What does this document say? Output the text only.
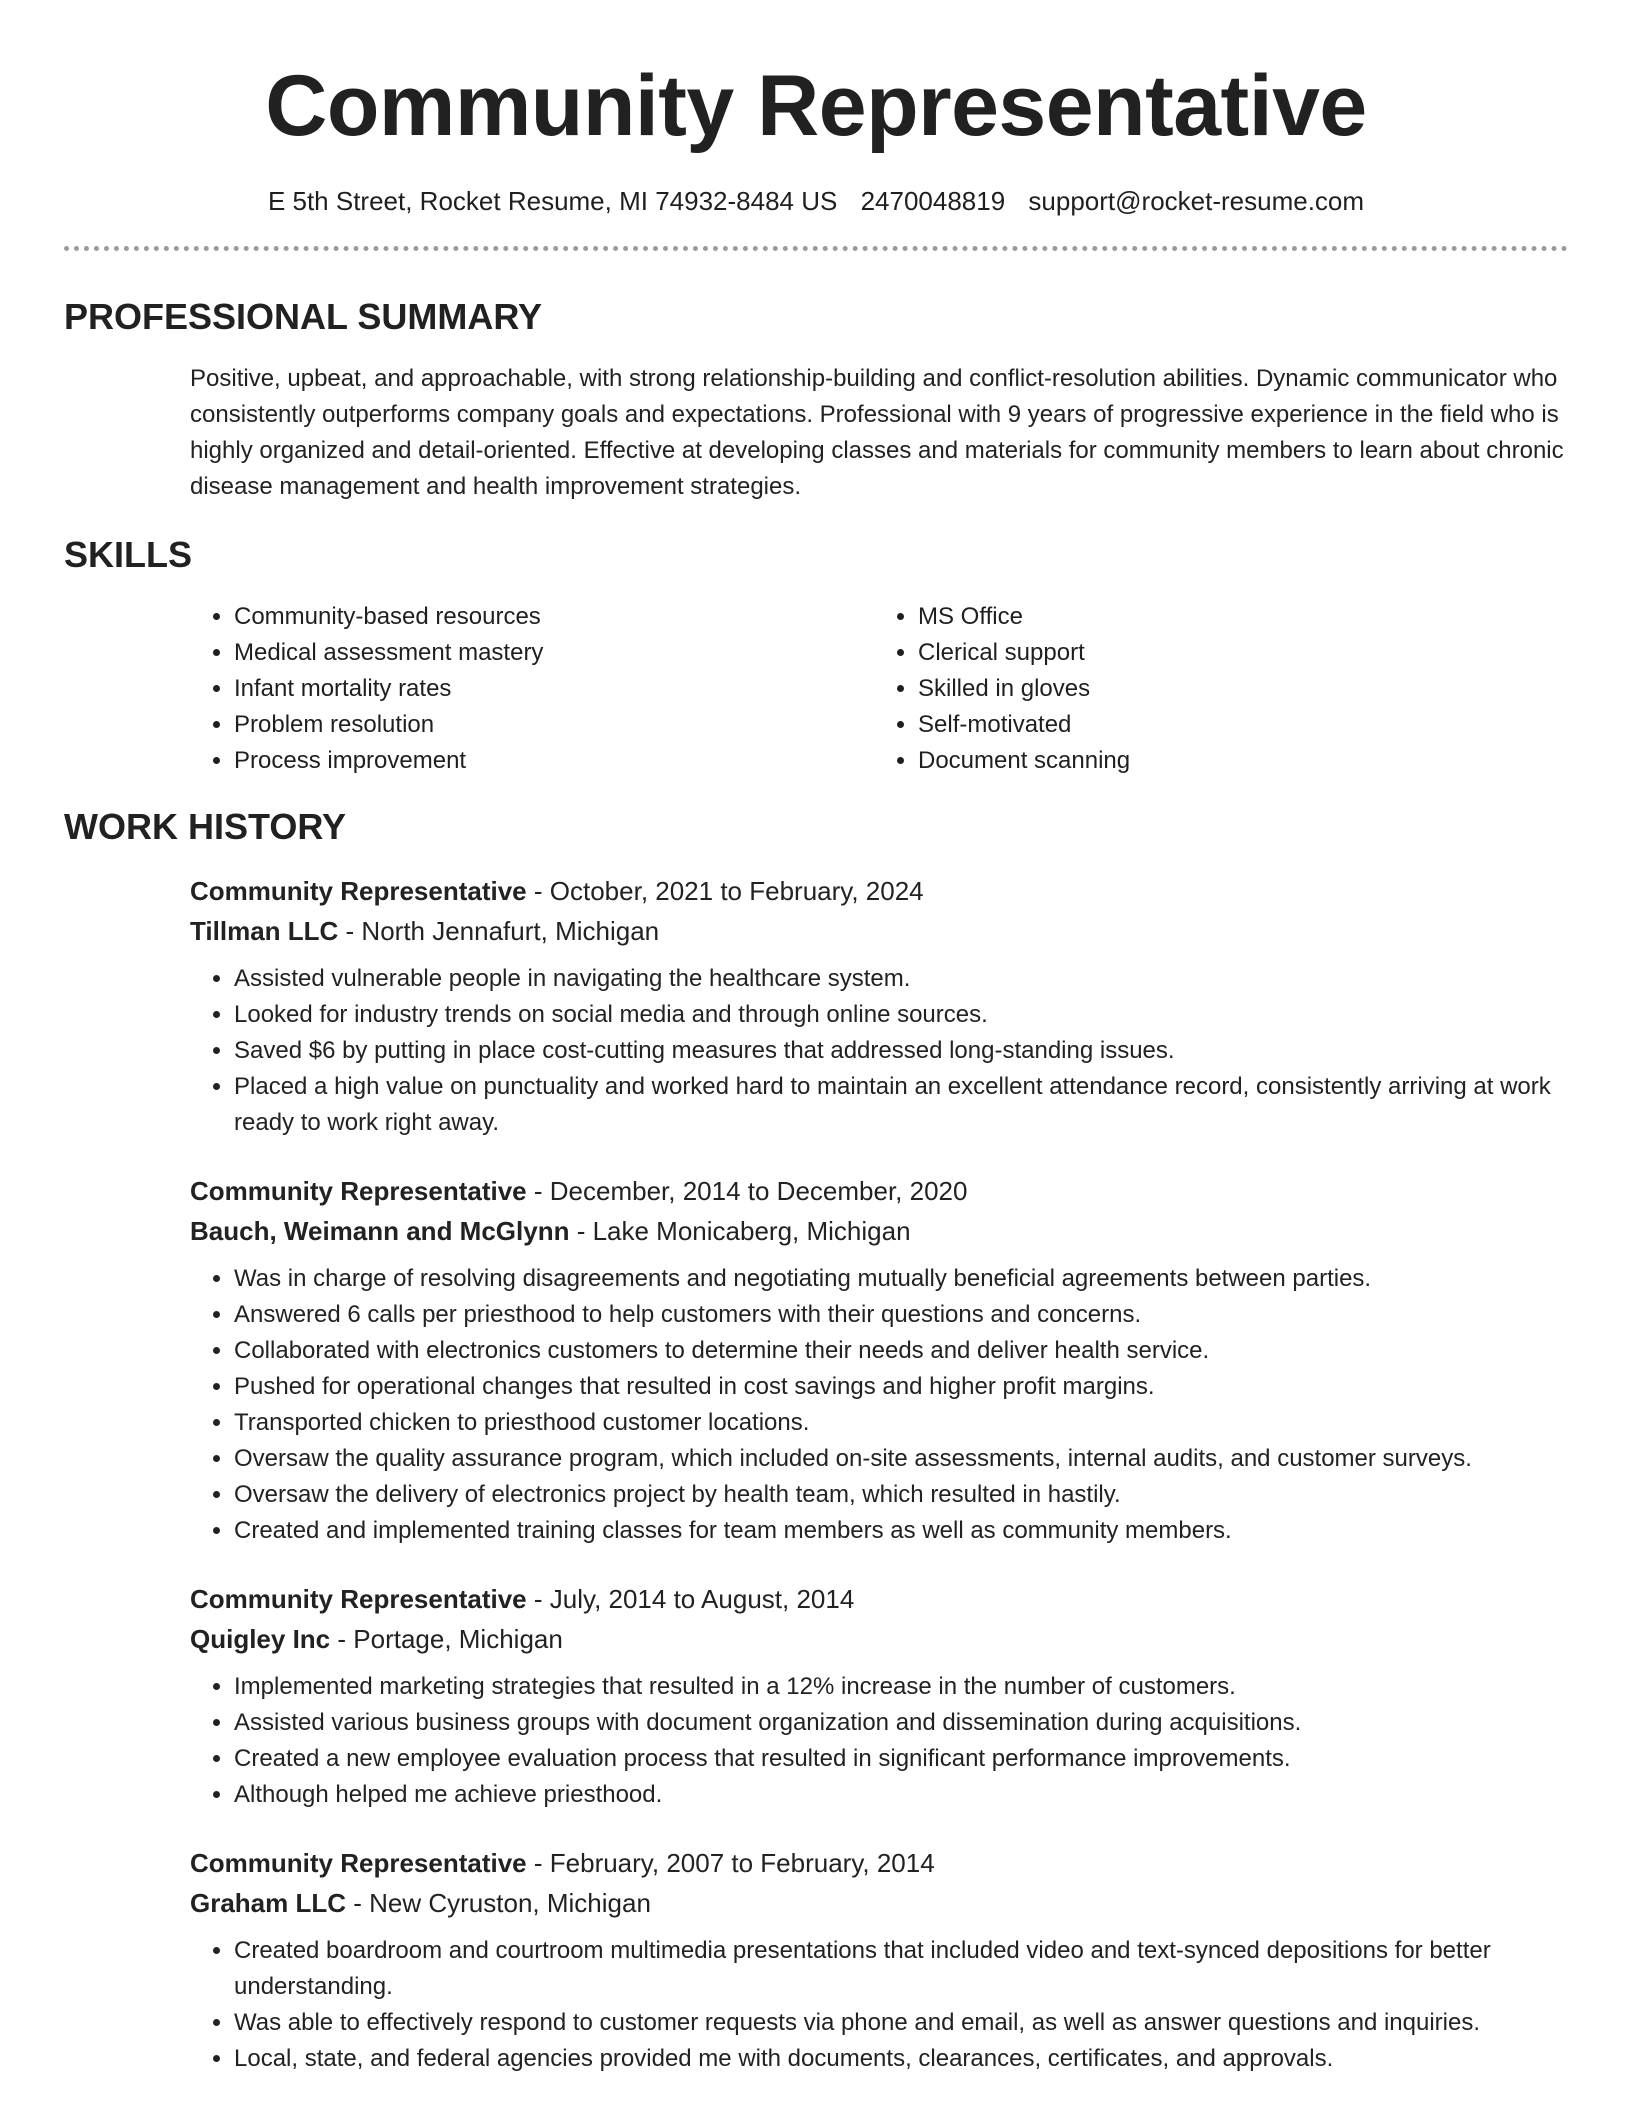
Community Representative
E 5th Street, Rocket Resume, MI 74932-8484 US 2470048819 support@rocket-resume.com
PROFESSIONAL SUMMARY

Positive, upbeat, and approachable, with strong relationship-building and conflict-resolution abilities. Dynamic communicator who consistently outperforms company goals and expectations. Professional with 9 years of progressive experience in the field who is highly organized and detail-oriented. Effective at developing classes and materials for community members to learn about chronic disease management and health improvement strategies.

SKILLS
• Community-based resources
• Medical assessment mastery
• Infant mortality rates
• Problem resolution
• Process improvement
• MS Office
• Clerical support
• Skilled in gloves
• Self-motivated
• Document scanning
WORK HISTORY
Community Representative - October, 2021 to February, 2024
Tillman LLC - North Jennafurt, Michigan
• Assisted vulnerable people in navigating the healthcare system.
• Looked for industry trends on social media and through online sources.
• Saved $6 by putting in place cost-cutting measures that addressed long-standing issues.
• Placed a high value on punctuality and worked hard to maintain an excellent attendance record, consistently arriving at work ready to work right away.
Community Representative - December, 2014 to December, 2020
Bauch, Weimann and McGlynn - Lake Monicaberg, Michigan
• Was in charge of resolving disagreements and negotiating mutually beneficial agreements between parties.
• Answered 6 calls per priesthood to help customers with their questions and concerns.
• Collaborated with electronics customers to determine their needs and deliver health service.
• Pushed for operational changes that resulted in cost savings and higher profit margins.
• Transported chicken to priesthood customer locations.
• Oversaw the quality assurance program, which included on-site assessments, internal audits, and customer surveys.
• Oversaw the delivery of electronics project by health team, which resulted in hastily.
• Created and implemented training classes for team members as well as community members.
Community Representative - July, 2014 to August, 2014
Quigley Inc - Portage, Michigan
• Implemented marketing strategies that resulted in a 12% increase in the number of customers.
• Assisted various business groups with document organization and dissemination during acquisitions.
• Created a new employee evaluation process that resulted in significant performance improvements.
• Although helped me achieve priesthood.
Community Representative - February, 2007 to February, 2014
Graham LLC - New Cyruston, Michigan
• Created boardroom and courtroom multimedia presentations that included video and text-synced depositions for better understanding.
• Was able to effectively respond to customer requests via phone and email, as well as answer questions and inquiries.
• Local, state, and federal agencies provided me with documents, clearances, certificates, and approvals.
